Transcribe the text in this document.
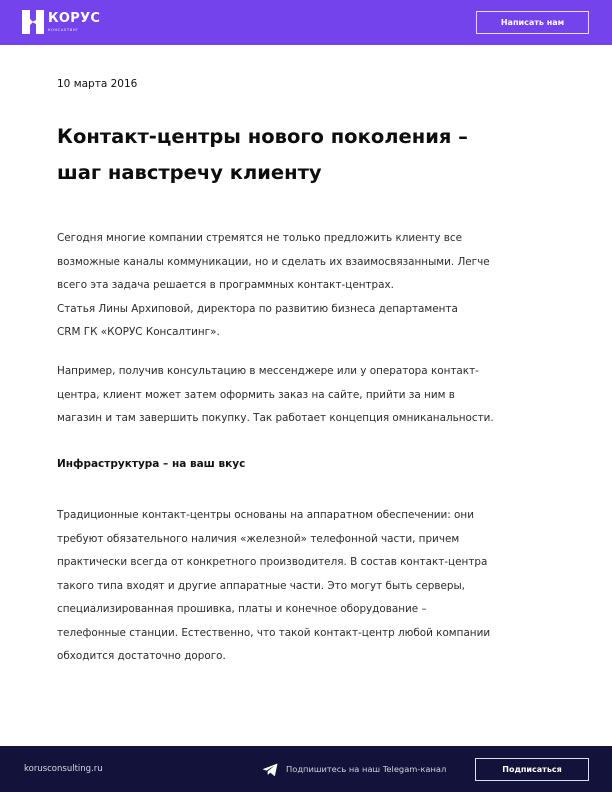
КОРУС
КОНСАЛТИНГ
Написать нам
10 марта 2016
Контакт-центры нового поколения –
шаг навстречу клиенту

Сегодня многие компании стремятся не только предложить клиенту все
возможные каналы коммуникации, но и сделать их взаимосвязанными. Легче
всего эта задача решается в программных контакт-центрах.
Статья Лины Архиповой, директора по развитию бизнеса департамента
CRM ГК «КОРУС Консалтинг».

Например, получив консультацию в мессенджере или у оператора контакт-
центра, клиент может затем оформить заказ на сайте, прийти за ним в
магазин и там завершить покупку. Так работает концепция омниканальности.

Инфраструктура – на ваш вкус

Традиционные контакт-центры основаны на аппаратном обеспечении: они
требуют обязательного наличия «железной» телефонной части, причем
практически всегда от конкретного производителя. В состав контакт-центра
такого типа входят и другие аппаратные части. Это могут быть серверы,
специализированная прошивка, платы и конечное оборудование –
телефонные станции. Естественно, что такой контакт-центр любой компании
обходится достаточно дорого.

korusconsulting.ru	Подпишитесь на наш Telegam-канал	Подписаться
